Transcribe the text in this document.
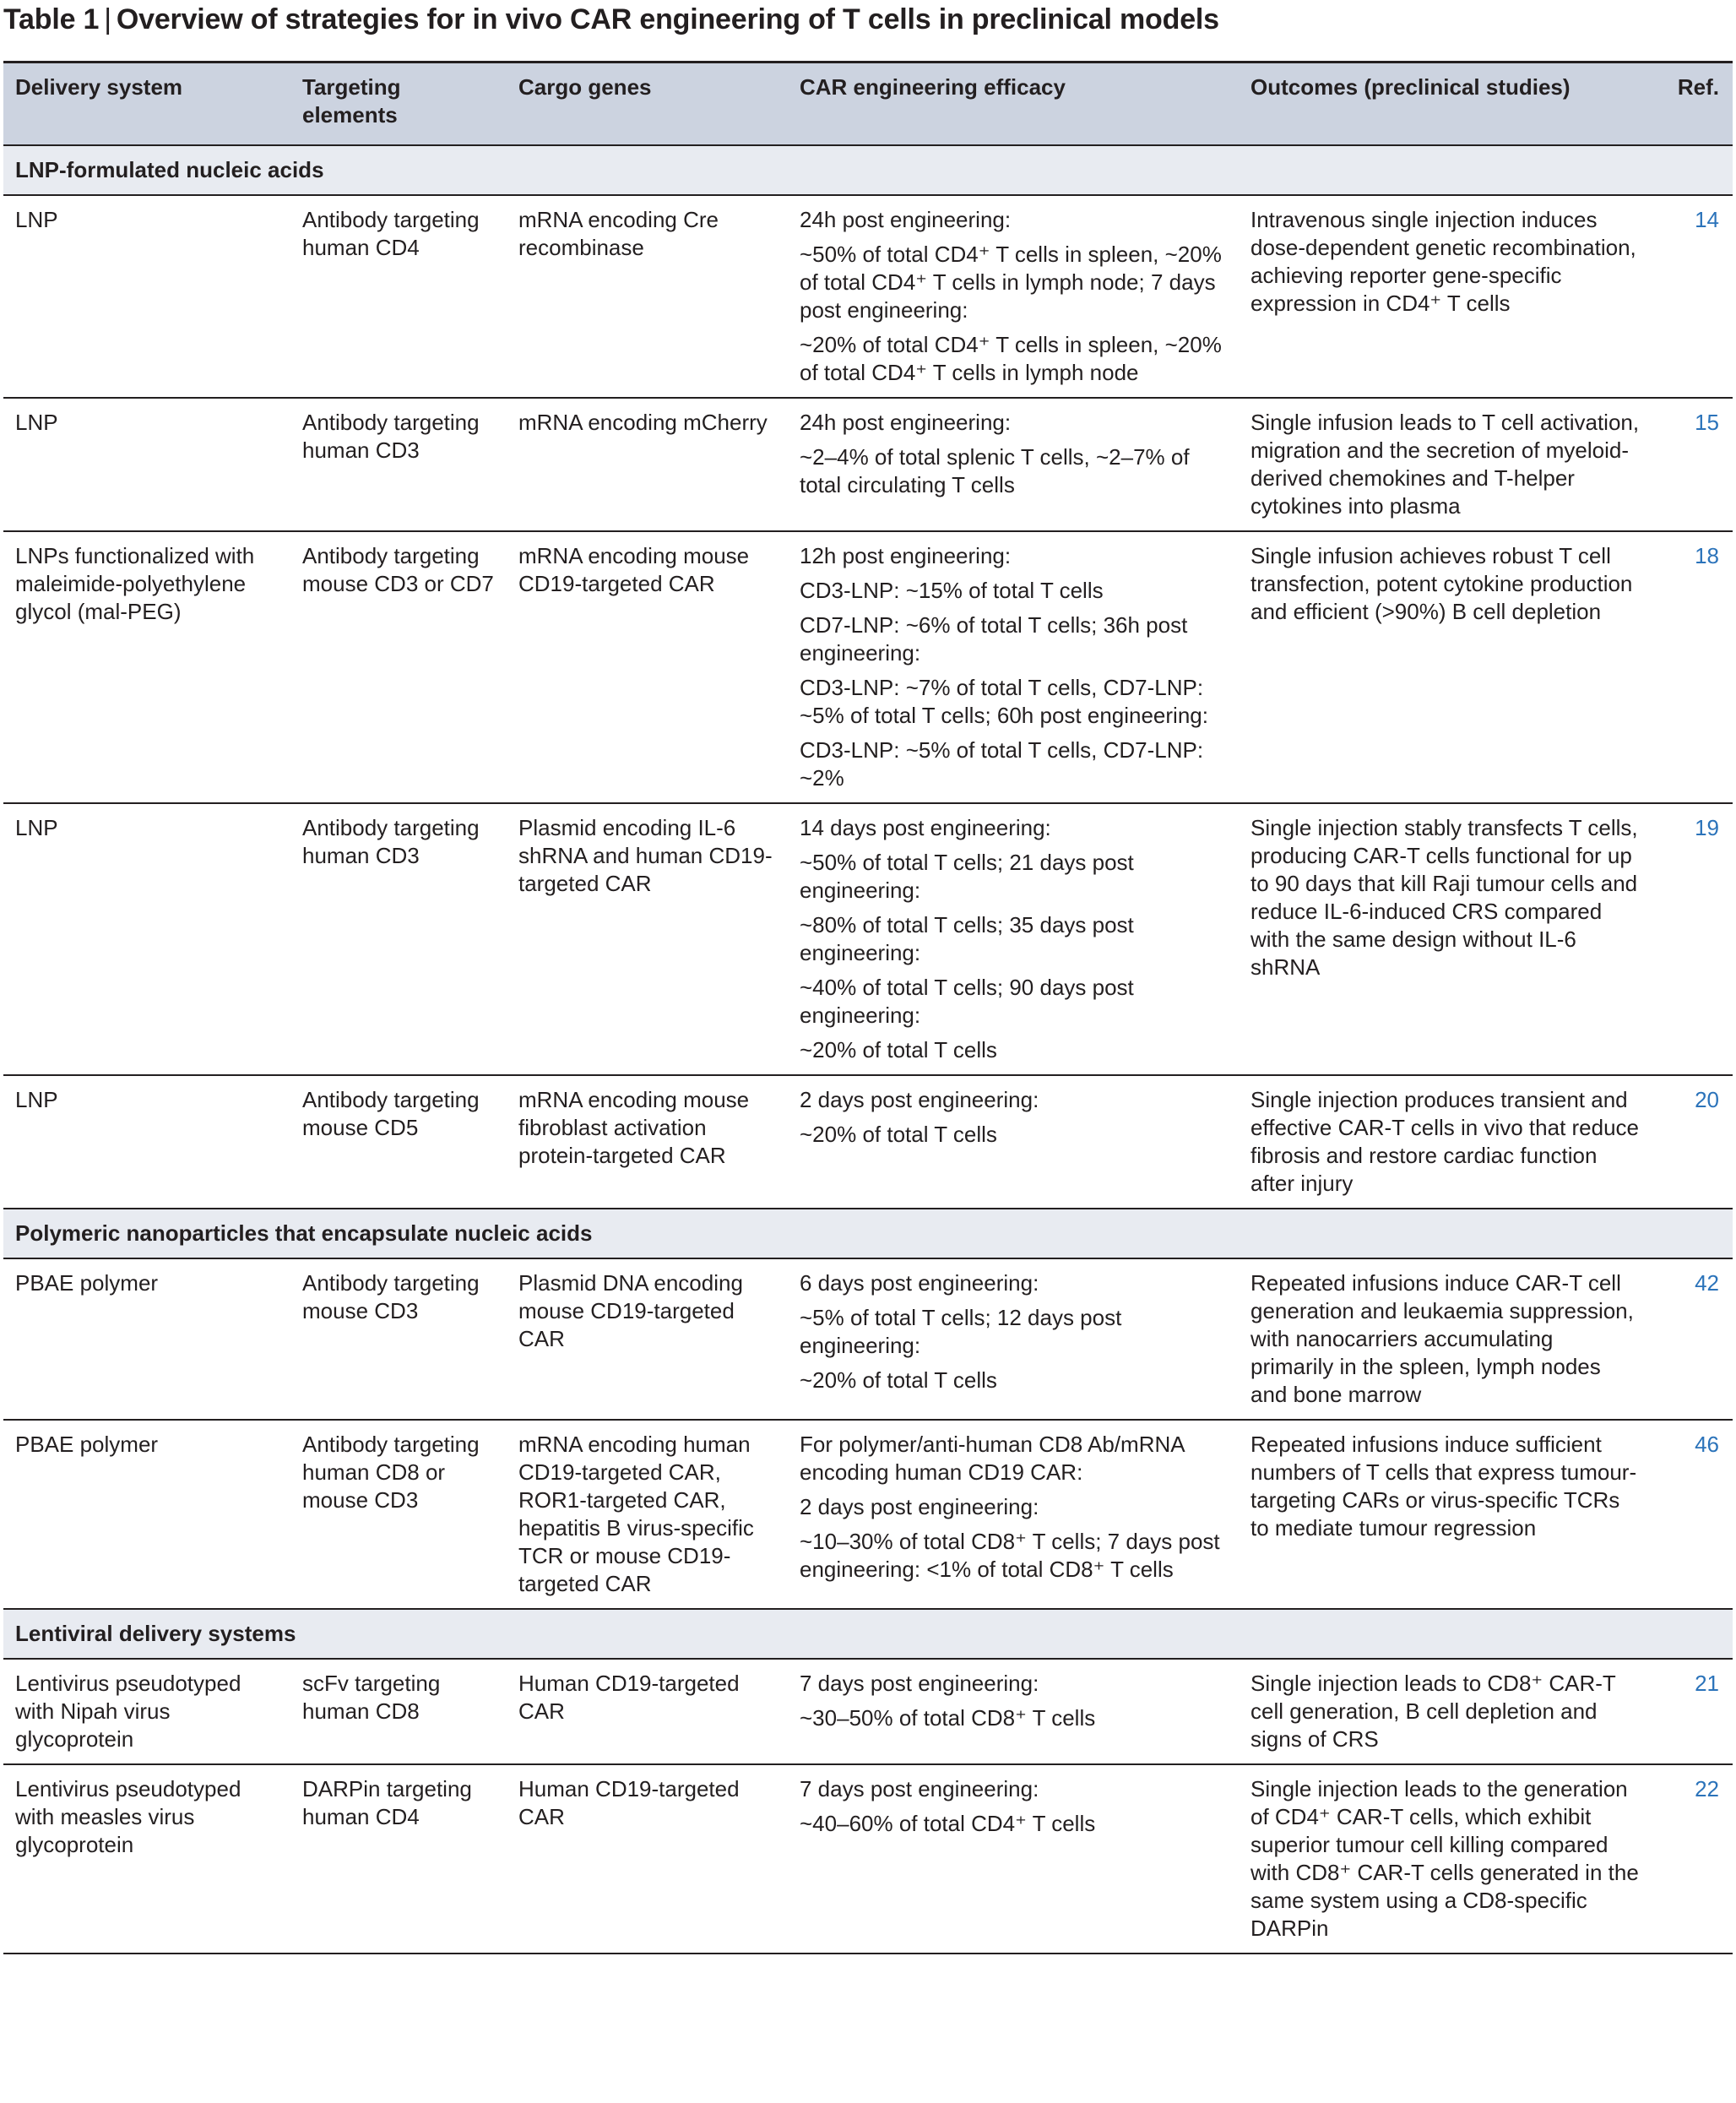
Table 1 | Overview of strategies for in vivo CAR engineering of T cells in preclinical models
Delivery system	Targeting elements	Cargo genes	CAR engineering efficacy	Outcomes (preclinical studies)	Ref.
LNP-formulated nucleic acids					
LNP	Antibody targeting human CD4	mRNA encoding Cre recombinase	24h post engineering:

~50% of total CD4⁺ T cells in spleen, ~20% of total CD4⁺ T cells in lymph node; 7 days post engineering:

~20% of total CD4⁺ T cells in spleen, ~20% of total CD4⁺ T cells in lymph node	Intravenous single injection induces dose-dependent genetic recombination, achieving reporter gene-specific expression in CD4⁺ T cells	14
LNP	Antibody targeting human CD3	mRNA encoding mCherry	24h post engineering:

~2–4% of total splenic T cells, ~2–7% of total circulating T cells	Single infusion leads to T cell activation, migration and the secretion of myeloid-derived chemokines and T-helper cytokines into plasma	15
LNPs functionalized with maleimide-polyethylene glycol (mal-PEG)	Antibody targeting mouse CD3 or CD7	mRNA encoding mouse CD19-targeted CAR	12h post engineering:

CD3-LNP: ~15% of total T cells

CD7-LNP: ~6% of total T cells; 36h post engineering:

CD3-LNP: ~7% of total T cells, CD7-LNP: ~5% of total T cells; 60h post engineering:

CD3-LNP: ~5% of total T cells, CD7-LNP: ~2%	Single infusion achieves robust T cell transfection, potent cytokine production and efficient (>90%) B cell depletion	18
LNP	Antibody targeting human CD3	Plasmid encoding IL-6 shRNA and human CD19-targeted CAR	14 days post engineering:

~50% of total T cells; 21 days post engineering:

~80% of total T cells; 35 days post engineering:

~40% of total T cells; 90 days post engineering:

~20% of total T cells	Single injection stably transfects T cells, producing CAR-T cells functional for up to 90 days that kill Raji tumour cells and reduce IL-6-induced CRS compared with the same design without IL-6 shRNA	19
LNP	Antibody targeting mouse CD5	mRNA encoding mouse fibroblast activation protein-targeted CAR	2 days post engineering:

~20% of total T cells	Single injection produces transient and effective CAR-T cells in vivo that reduce fibrosis and restore cardiac function after injury	20
Polymeric nanoparticles that encapsulate nucleic acids					
PBAE polymer	Antibody targeting mouse CD3	Plasmid DNA encoding mouse CD19-targeted CAR	6 days post engineering:

~5% of total T cells; 12 days post engineering:

~20% of total T cells	Repeated infusions induce CAR-T cell generation and leukaemia suppression, with nanocarriers accumulating primarily in the spleen, lymph nodes and bone marrow	42
PBAE polymer	Antibody targeting human CD8 or mouse CD3	mRNA encoding human CD19-targeted CAR, ROR1-targeted CAR, hepatitis B virus-specific TCR or mouse CD19-targeted CAR	For polymer/anti-human CD8 Ab/mRNA encoding human CD19 CAR:

2 days post engineering:

~10–30% of total CD8⁺ T cells; 7 days post engineering: <1% of total CD8⁺ T cells	Repeated infusions induce sufficient numbers of T cells that express tumour-targeting CARs or virus-specific TCRs to mediate tumour regression	46
Lentiviral delivery systems					
Lentivirus pseudotyped with Nipah virus glycoprotein	scFv targeting human CD8	Human CD19-targeted CAR	7 days post engineering:

~30–50% of total CD8⁺ T cells	Single injection leads to CD8⁺ CAR-T cell generation, B cell depletion and signs of CRS	21
Lentivirus pseudotyped with measles virus glycoprotein	DARPin targeting human CD4	Human CD19-targeted CAR	7 days post engineering:

~40–60% of total CD4⁺ T cells	Single injection leads to the generation of CD4⁺ CAR-T cells, which exhibit superior tumour cell killing compared with CD8⁺ CAR-T cells generated in the same system using a CD8-specific DARPin	22
